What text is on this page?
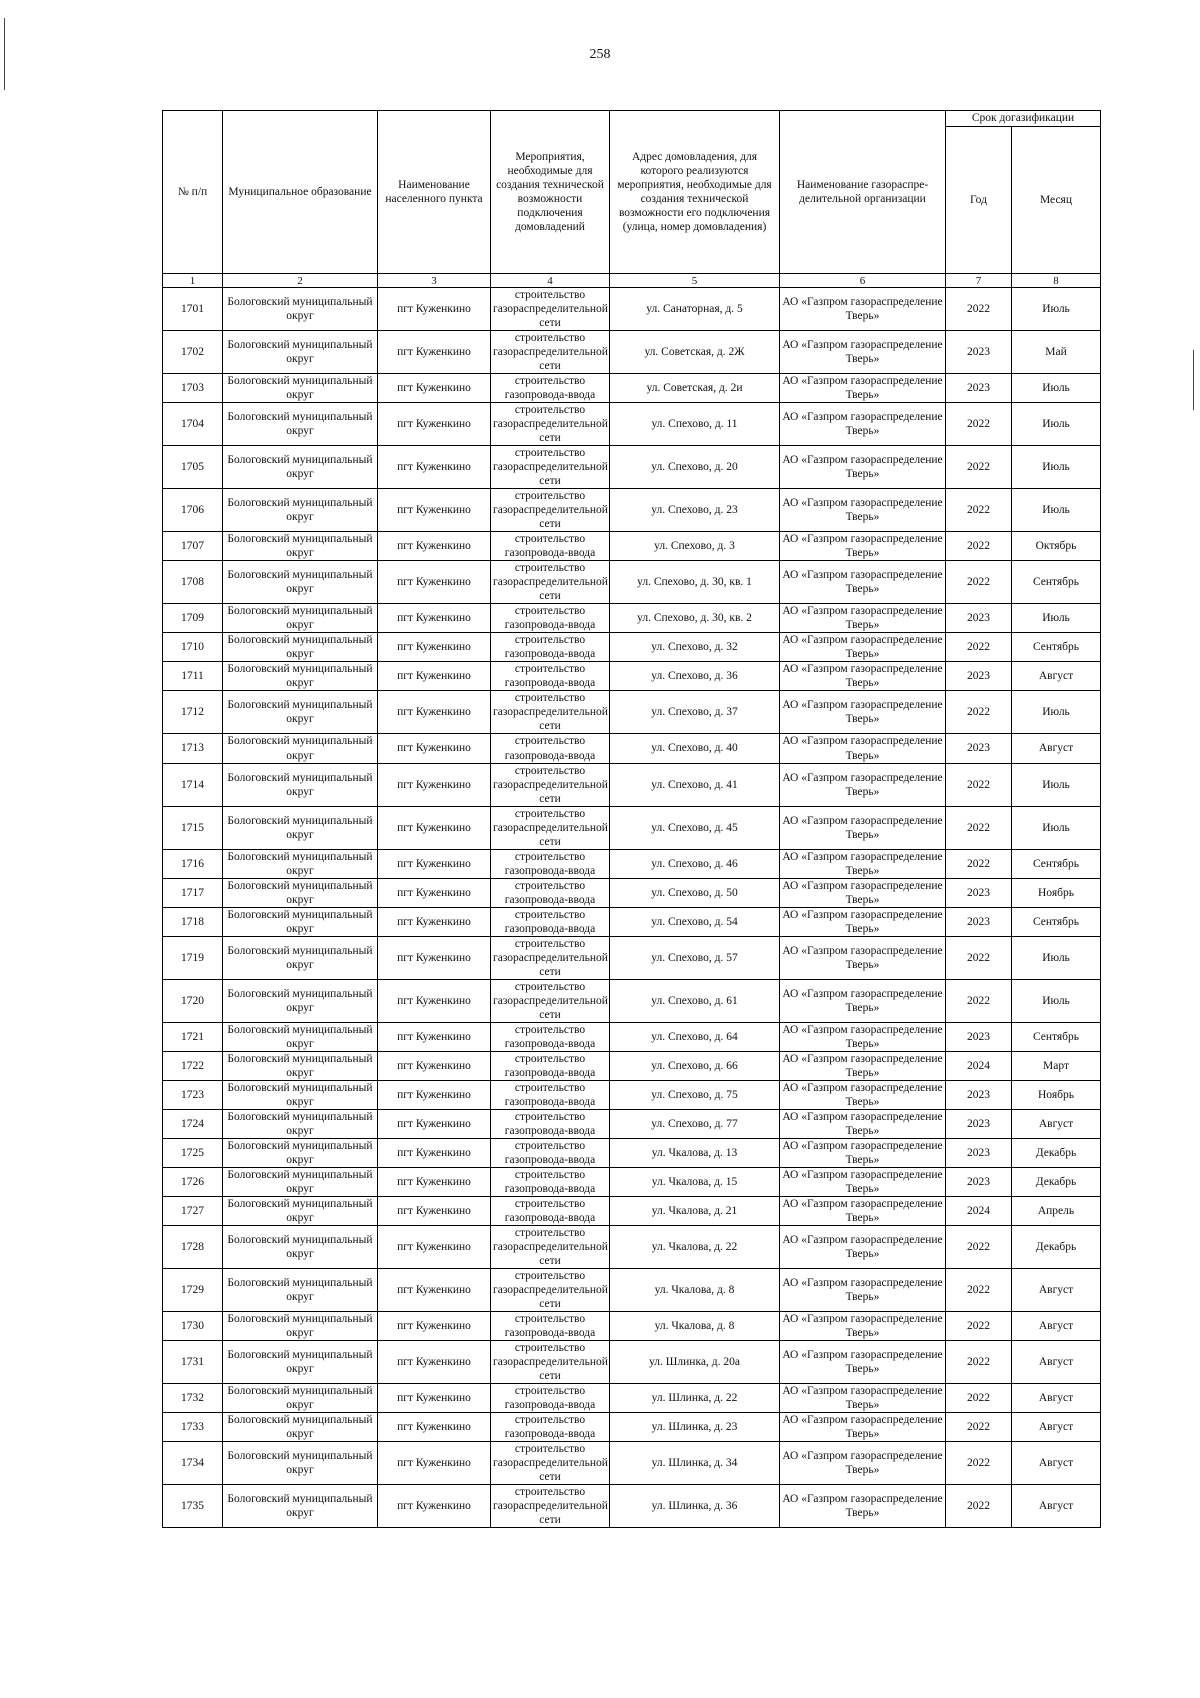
258
№ п/п	Муниципальное образование	Наименование населенного пункта	Мероприятия, необходимые для создания технической возможности подключения домовладений	Адрес домовладения, для которого реализуются мероприятия, необходимые для создания технической возможности его подключения (улица, номер домовладения)	Наименование газораспре-делительной организации	Срок догазификации	
						Год	Месяц
1	2	3	4	5	6	7	8
1701	Бологовский муниципальный округ	пгт Куженкино	строительство газораспределительной сети	ул. Санаторная, д. 5	АО «Газпром газораспределение Тверь»	2022	Июль
1702	Бологовский муниципальный округ	пгт Куженкино	строительство газораспределительной сети	ул. Советская, д. 2Ж	АО «Газпром газораспределение Тверь»	2023	Май
1703	Бологовский муниципальный округ	пгт Куженкино	строительство газопровода-ввода	ул. Советская, д. 2и	АО «Газпром газораспределение Тверь»	2023	Июль
1704	Бологовский муниципальный округ	пгт Куженкино	строительство газораспределительной сети	ул. Спехово, д. 11	АО «Газпром газораспределение Тверь»	2022	Июль
1705	Бологовский муниципальный округ	пгт Куженкино	строительство газораспределительной сети	ул. Спехово, д. 20	АО «Газпром газораспределение Тверь»	2022	Июль
1706	Бологовский муниципальный округ	пгт Куженкино	строительство газораспределительной сети	ул. Спехово, д. 23	АО «Газпром газораспределение Тверь»	2022	Июль
1707	Бологовский муниципальный округ	пгт Куженкино	строительство газопровода-ввода	ул. Спехово, д. 3	АО «Газпром газораспределение Тверь»	2022	Октябрь
1708	Бологовский муниципальный округ	пгт Куженкино	строительство газораспределительной сети	ул. Спехово, д. 30, кв. 1	АО «Газпром газораспределение Тверь»	2022	Сентябрь
1709	Бологовский муниципальный округ	пгт Куженкино	строительство газопровода-ввода	ул. Спехово, д. 30, кв. 2	АО «Газпром газораспределение Тверь»	2023	Июль
1710	Бологовский муниципальный округ	пгт Куженкино	строительство газопровода-ввода	ул. Спехово, д. 32	АО «Газпром газораспределение Тверь»	2022	Сентябрь
1711	Бологовский муниципальный округ	пгт Куженкино	строительство газопровода-ввода	ул. Спехово, д. 36	АО «Газпром газораспределение Тверь»	2023	Август
1712	Бологовский муниципальный округ	пгт Куженкино	строительство газораспределительной сети	ул. Спехово, д. 37	АО «Газпром газораспределение Тверь»	2022	Июль
1713	Бологовский муниципальный округ	пгт Куженкино	строительство газопровода-ввода	ул. Спехово, д. 40	АО «Газпром газораспределение Тверь»	2023	Август
1714	Бологовский муниципальный округ	пгт Куженкино	строительство газораспределительной сети	ул. Спехово, д. 41	АО «Газпром газораспределение Тверь»	2022	Июль
1715	Бологовский муниципальный округ	пгт Куженкино	строительство газораспределительной сети	ул. Спехово, д. 45	АО «Газпром газораспределение Тверь»	2022	Июль
1716	Бологовский муниципальный округ	пгт Куженкино	строительство газопровода-ввода	ул. Спехово, д. 46	АО «Газпром газораспределение Тверь»	2022	Сентябрь
1717	Бологовский муниципальный округ	пгт Куженкино	строительство газопровода-ввода	ул. Спехово, д. 50	АО «Газпром газораспределение Тверь»	2023	Ноябрь
1718	Бологовский муниципальный округ	пгт Куженкино	строительство газопровода-ввода	ул. Спехово, д. 54	АО «Газпром газораспределение Тверь»	2023	Сентябрь
1719	Бологовский муниципальный округ	пгт Куженкино	строительство газораспределительной сети	ул. Спехово, д. 57	АО «Газпром газораспределение Тверь»	2022	Июль
1720	Бологовский муниципальный округ	пгт Куженкино	строительство газораспределительной сети	ул. Спехово, д. 61	АО «Газпром газораспределение Тверь»	2022	Июль
1721	Бологовский муниципальный округ	пгт Куженкино	строительство газопровода-ввода	ул. Спехово, д. 64	АО «Газпром газораспределение Тверь»	2023	Сентябрь
1722	Бологовский муниципальный округ	пгт Куженкино	строительство газопровода-ввода	ул. Спехово, д. 66	АО «Газпром газораспределение Тверь»	2024	Март
1723	Бологовский муниципальный округ	пгт Куженкино	строительство газопровода-ввода	ул. Спехово, д. 75	АО «Газпром газораспределение Тверь»	2023	Ноябрь
1724	Бологовский муниципальный округ	пгт Куженкино	строительство газопровода-ввода	ул. Спехово, д. 77	АО «Газпром газораспределение Тверь»	2023	Август
1725	Бологовский муниципальный округ	пгт Куженкино	строительство газопровода-ввода	ул. Чкалова, д. 13	АО «Газпром газораспределение Тверь»	2023	Декабрь
1726	Бологовский муниципальный округ	пгт Куженкино	строительство газопровода-ввода	ул. Чкалова, д. 15	АО «Газпром газораспределение Тверь»	2023	Декабрь
1727	Бологовский муниципальный округ	пгт Куженкино	строительство газопровода-ввода	ул. Чкалова, д. 21	АО «Газпром газораспределение Тверь»	2024	Апрель
1728	Бологовский муниципальный округ	пгт Куженкино	строительство газораспределительной сети	ул. Чкалова, д. 22	АО «Газпром газораспределение Тверь»	2022	Декабрь
1729	Бологовский муниципальный округ	пгт Куженкино	строительство газораспределительной сети	ул. Чкалова, д. 8	АО «Газпром газораспределение Тверь»	2022	Август
1730	Бологовский муниципальный округ	пгт Куженкино	строительство газопровода-ввода	ул. Чкалова, д. 8	АО «Газпром газораспределение Тверь»	2022	Август
1731	Бологовский муниципальный округ	пгт Куженкино	строительство газораспределительной сети	ул. Шлинка, д. 20а	АО «Газпром газораспределение Тверь»	2022	Август
1732	Бологовский муниципальный округ	пгт Куженкино	строительство газопровода-ввода	ул. Шлинка, д. 22	АО «Газпром газораспределение Тверь»	2022	Август
1733	Бологовский муниципальный округ	пгт Куженкино	строительство газопровода-ввода	ул. Шлинка, д. 23	АО «Газпром газораспределение Тверь»	2022	Август
1734	Бологовский муниципальный округ	пгт Куженкино	строительство газораспределительной сети	ул. Шлинка, д. 34	АО «Газпром газораспределение Тверь»	2022	Август
1735	Бологовский муниципальный округ	пгт Куженкино	строительство газораспределительной сети	ул. Шлинка, д. 36	АО «Газпром газораспределение Тверь»	2022	Август
